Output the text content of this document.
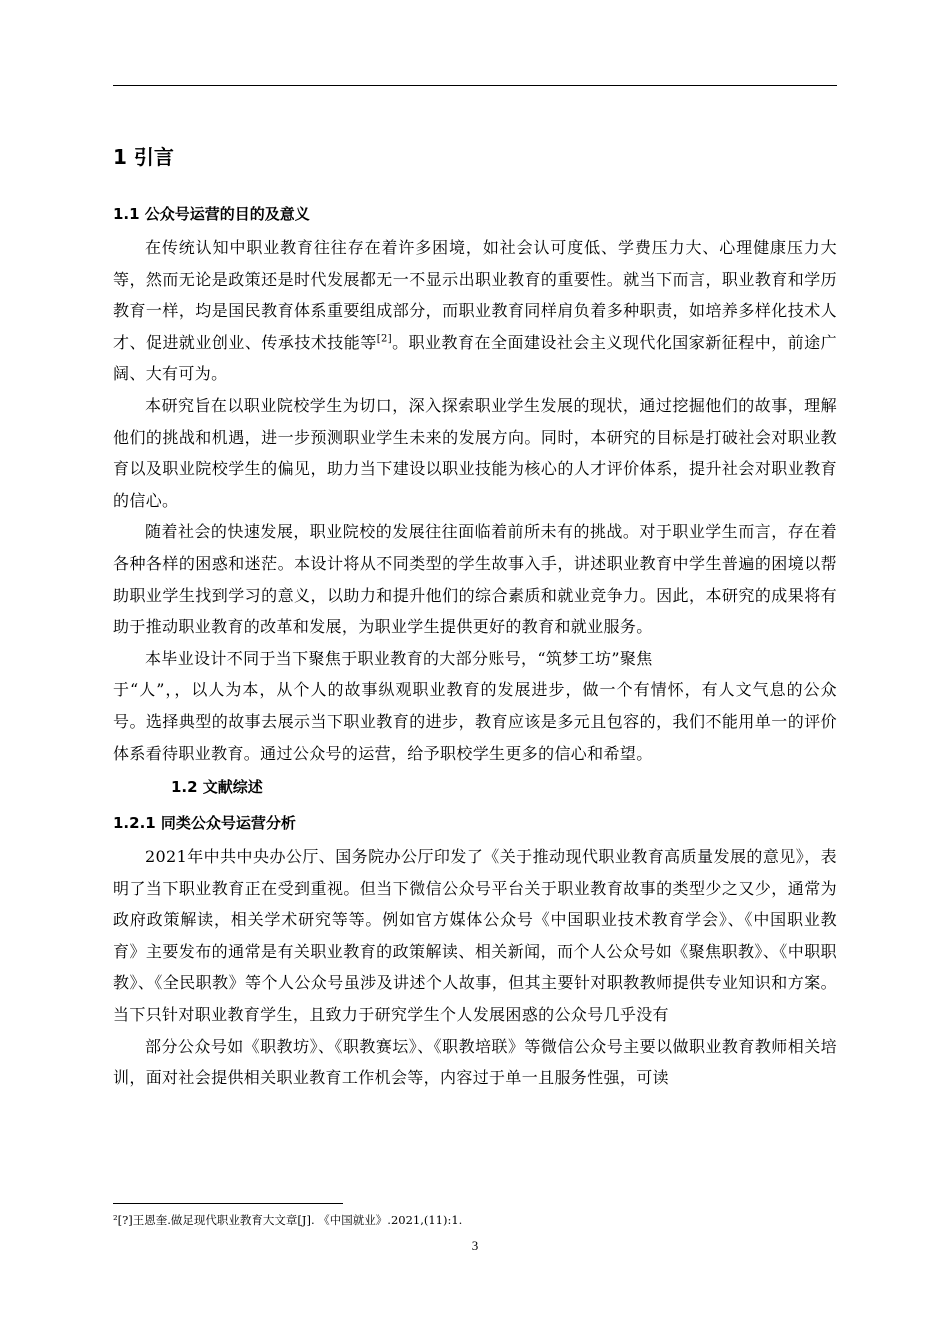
1 引言
1.1 公众号运营的目的及意义

在传统认知中职业教育往往存在着许多困境，如社会认可度低、学费压力大、心理健康压力大等，然而无论是政策还是时代发展都无一不显示出职业教育的重要性。就当下而言，职业教育和学历教育一样，均是国民教育体系重要组成部分，而职业教育同样肩负着多种职责，如培养多样化技术人才、促进就业创业、传承技术技能等[2]。职业教育在全面建设社会主义现代化国家新征程中，前途广阔、大有可为。

本研究旨在以职业院校学生为切口，深入探索职业学生发展的现状，通过挖掘他们的故事，理解他们的挑战和机遇，进一步预测职业学生未来的发展方向。同时，本研究的目标是打破社会对职业教育以及职业院校学生的偏见，助力当下建设以职业技能为核心的人才评价体系，提升社会对职业教育的信心。

随着社会的快速发展，职业院校的发展往往面临着前所未有的挑战。对于职业学生而言，存在着各种各样的困惑和迷茫。本设计将从不同类型的学生故事入手，讲述职业教育中学生普遍的困境以帮助职业学生找到学习的意义，以助力和提升他们的综合素质和就业竞争力。因此，本研究的成果将有助于推动职业教育的改革和发展，为职业学生提供更好的教育和就业服务。

本毕业设计不同于当下聚焦于职业教育的大部分账号，“筑梦工坊”聚焦

于“人”，，以人为本，从个人的故事纵观职业教育的发展进步，做一个有情怀，有人文气息的公众号。选择典型的故事去展示当下职业教育的进步，教育应该是多元且包容的，我们不能用单一的评价体系看待职业教育。通过公众号的运营，给予职校学生更多的信心和希望。

1.2 文献综述
1.2.1 同类公众号运营分析

2021年中共中央办公厅、国务院办公厅印发了《关于推动现代职业教育高质量发展的意见》，表明了当下职业教育正在受到重视。但当下微信公众号平台关于职业教育故事的类型少之又少，通常为政府政策解读，相关学术研究等等。例如官方媒体公众号《中国职业技术教育学会》、《中国职业教育》主要发布的通常是有关职业教育的政策解读、相关新闻，而个人公众号如《聚焦职教》、《中职职教》、《全民职教》等个人公众号虽涉及讲述个人故事，但其主要针对职教教师提供专业知识和方案。当下只针对职业教育学生，且致力于研究学生个人发展困惑的公众号几乎没有

部分公众号如《职教坊》、《职教赛坛》、《职教培联》等微信公众号主要以做职业教育教师相关培训，面对社会提供相关职业教育工作机会等，内容过于单一且服务性强，可读

²[?]王恩奎.做足现代职业教育大文章[J]. 《中国就业》.2021,(11):1.
3
